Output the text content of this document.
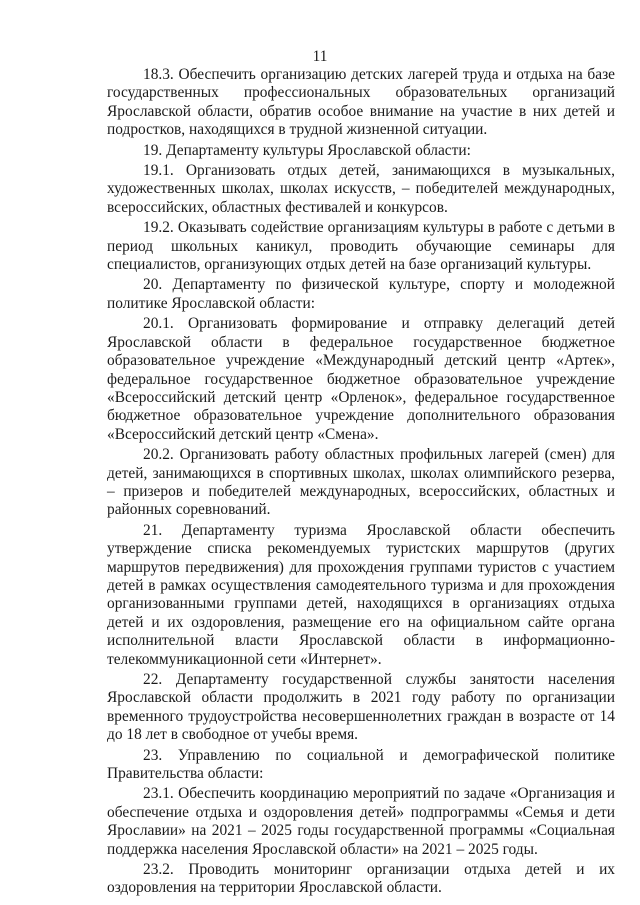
11

18.3. Обеспечить организацию детских лагерей труда и отдыха на базе государственных профессиональных образовательных организаций Ярославской области, обратив особое внимание на участие в них детей и подростков, находящихся в трудной жизненной ситуации.

19. Департаменту культуры Ярославской области:

19.1. Организовать отдых детей, занимающихся в музыкальных, художественных школах, школах искусств, – победителей международных, всероссийских, областных фестивалей и конкурсов.

19.2. Оказывать содействие организациям культуры в работе с детьми в период школьных каникул, проводить обучающие семинары для специалистов, организующих отдых детей на базе организаций культуры.

20. Департаменту по физической культуре, спорту и молодежной политике Ярославской области:

20.1. Организовать формирование и отправку делегаций детей Ярославской области в федеральное государственное бюджетное образовательное учреждение «Международный детский центр «Артек», федеральное государственное бюджетное образовательное учреждение «Всероссийский детский центр «Орленок», федеральное государственное бюджетное образовательное учреждение дополнительного образования «Всероссийский детский центр «Смена».

20.2. Организовать работу областных профильных лагерей (смен) для детей, занимающихся в спортивных школах, школах олимпийского резерва, – призеров и победителей международных, всероссийских, областных и районных соревнований.

21. Департаменту туризма Ярославской области обеспечить утверждение списка рекомендуемых туристских маршрутов (других маршрутов передвижения) для прохождения группами туристов с участием детей в рамках осуществления самодеятельного туризма и для прохождения организованными группами детей, находящихся в организациях отдыха детей и их оздоровления, размещение его на официальном сайте органа исполнительной власти Ярославской области в информационно-телекоммуникационной сети «Интернет».

22. Департаменту государственной службы занятости населения Ярославской области продолжить в 2021 году работу по организации временного трудоустройства несовершеннолетних граждан в возрасте от 14 до 18 лет в свободное от учебы время.

23. Управлению по социальной и демографической политике Правительства области:

23.1. Обеспечить координацию мероприятий по задаче «Организация и обеспечение отдыха и оздоровления детей» подпрограммы «Семья и дети Ярославии» на 2021 – 2025 годы государственной программы «Социальная поддержка населения Ярославской области» на 2021 – 2025 годы.

23.2. Проводить мониторинг организации отдыха детей и их оздоровления на территории Ярославской области.
